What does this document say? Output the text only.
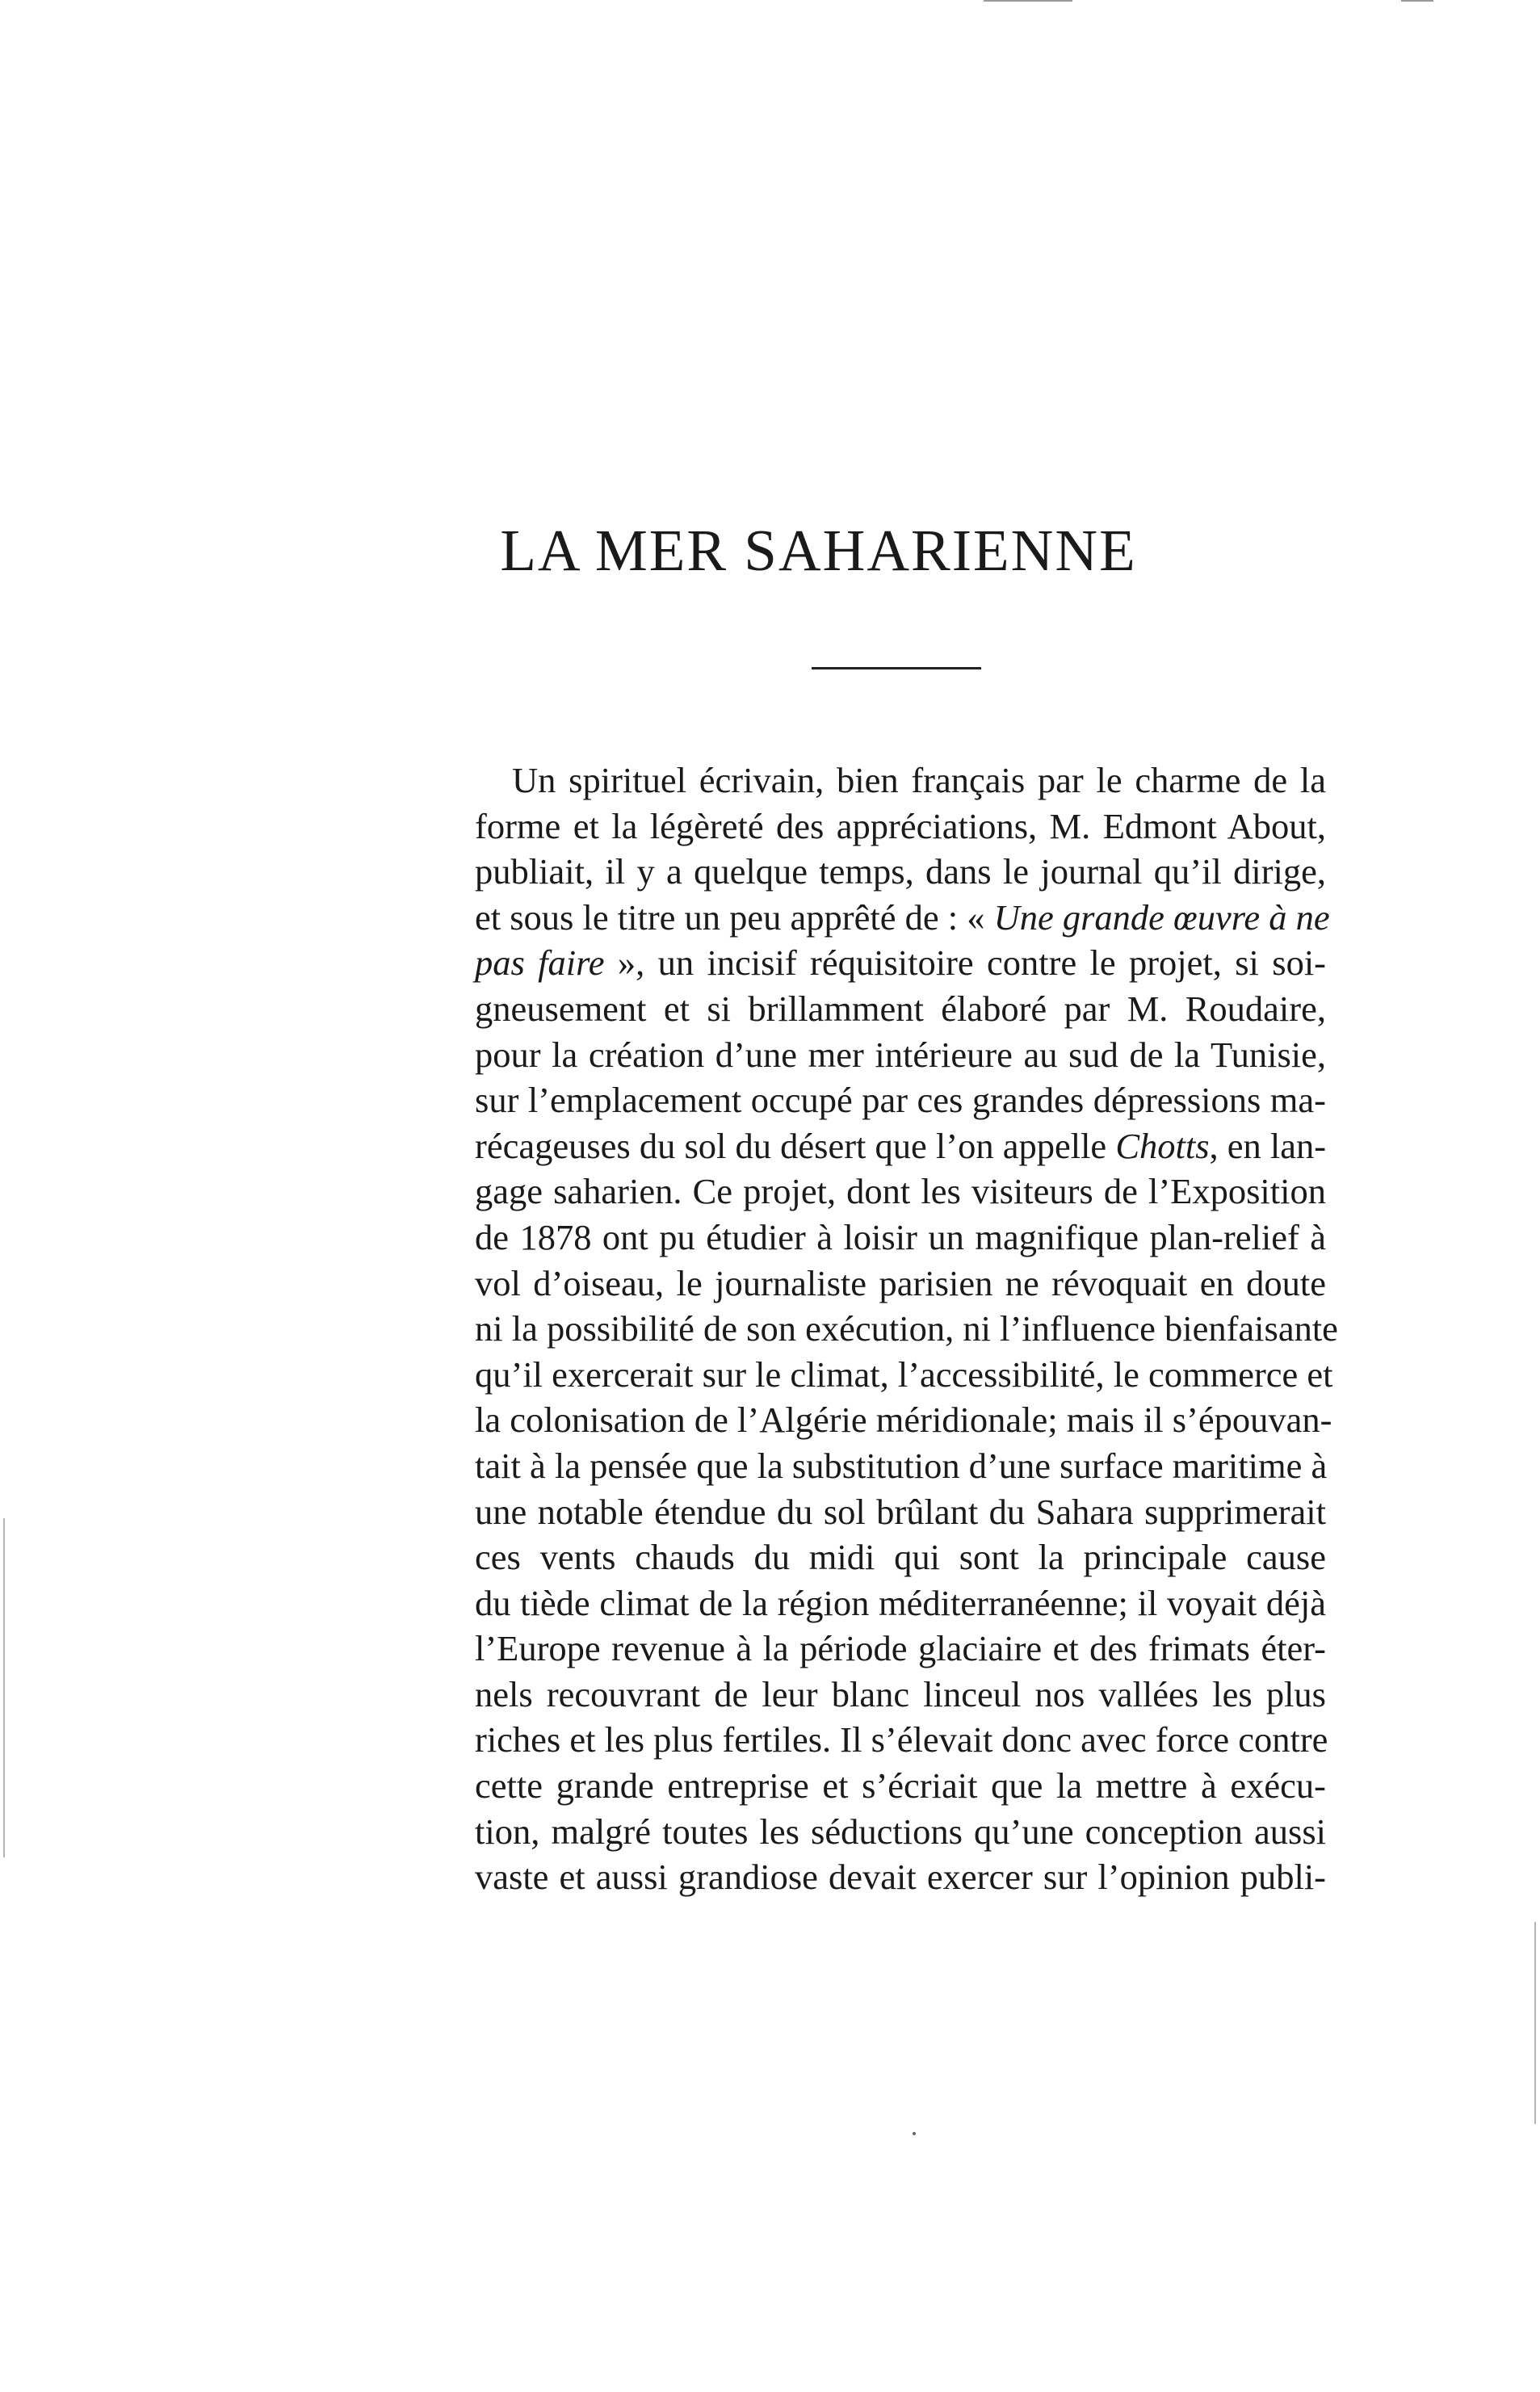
LA MER SAHARIENNE
Un spirituel écrivain, bien français par le charme de la
forme et la légèreté des appréciations, M. Edmont About,
publiait, il y a quelque temps, dans le journal qu’il dirige,
et sous le titre un peu apprêté de : « Une grande œuvre à ne
pas faire », un incisif réquisitoire contre le projet, si soi-
gneusement et si brillamment élaboré par M. Roudaire,
pour la création d’une mer intérieure au sud de la Tunisie,
sur l’emplacement occupé par ces grandes dépressions ma-
récageuses du sol du désert que l’on appelle Chotts, en lan-
gage saharien. Ce projet, dont les visiteurs de l’Exposition
de 1878 ont pu étudier à loisir un magnifique plan-relief à
vol d’oiseau, le journaliste parisien ne révoquait en doute
ni la possibilité de son exécution, ni l’influence bienfaisante
qu’il exercerait sur le climat, l’accessibilité, le commerce et
la colonisation de l’Algérie méridionale; mais il s’épouvan-
tait à la pensée que la substitution d’une surface maritime à
une notable étendue du sol brûlant du Sahara supprimerait
ces vents chauds du midi qui sont la principale cause
du tiède climat de la région méditerranéenne; il voyait déjà
l’Europe revenue à la période glaciaire et des frimats éter-
nels recouvrant de leur blanc linceul nos vallées les plus
riches et les plus fertiles. Il s’élevait donc avec force contre
cette grande entreprise et s’écriait que la mettre à exécu-
tion, malgré toutes les séductions qu’une conception aussi
vaste et aussi grandiose devait exercer sur l’opinion publi-
